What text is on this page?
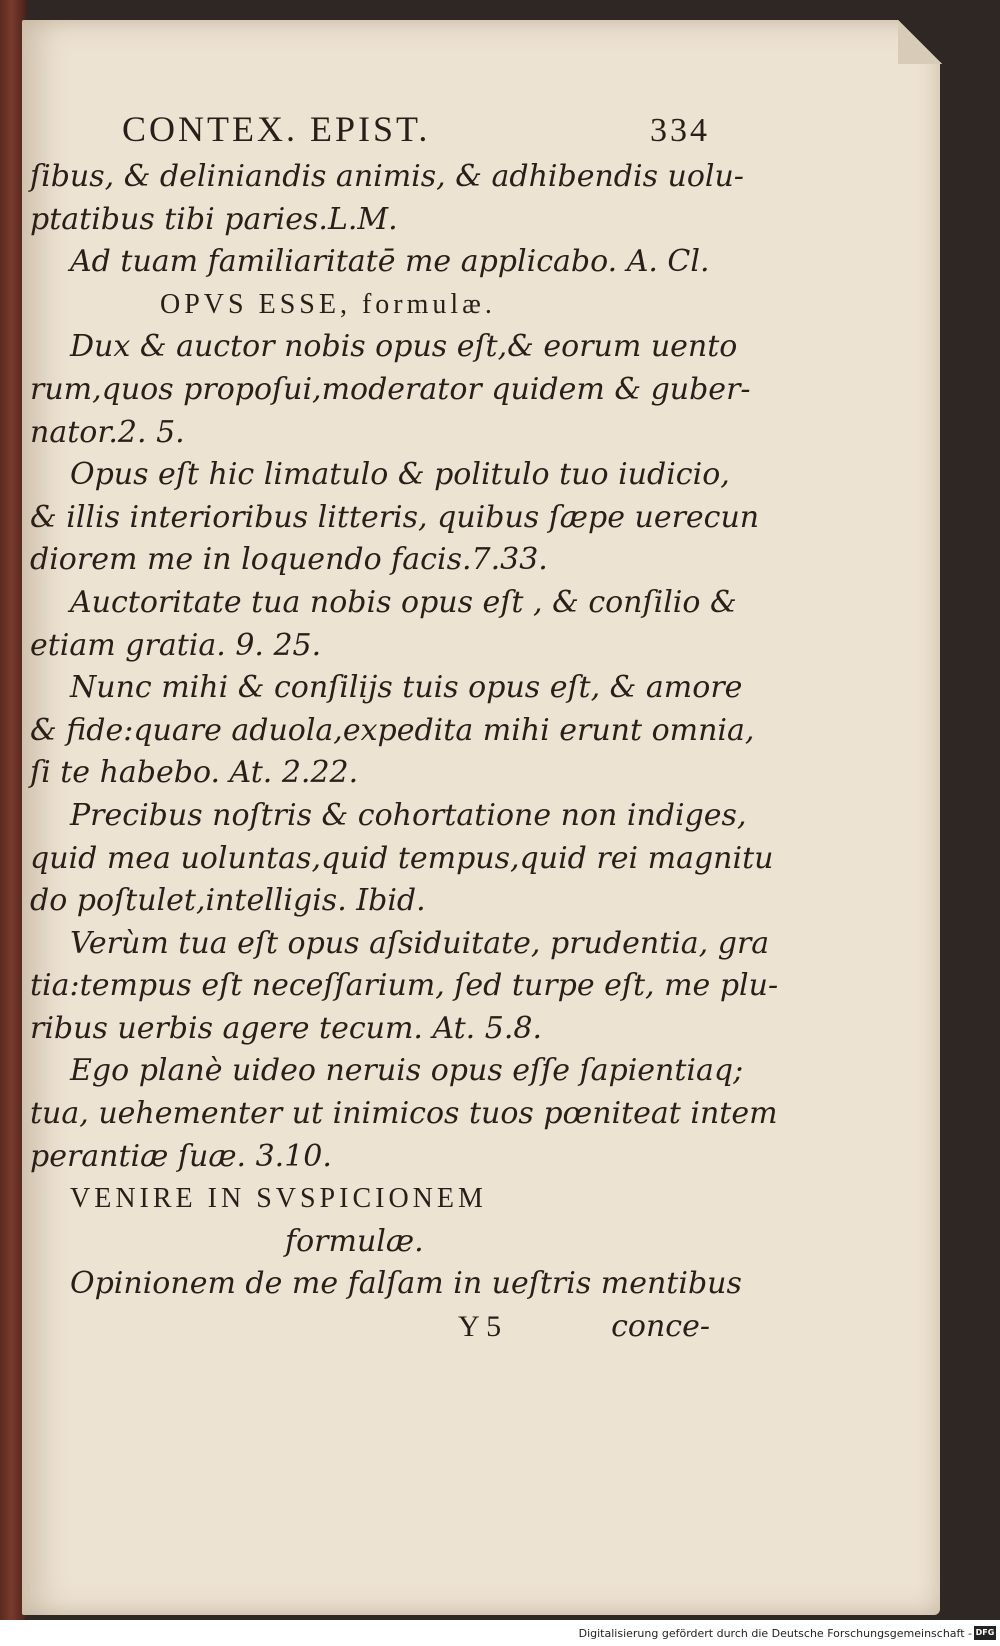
CONTEX. EPIST.	334
ſibus, & deliniandis animis, & adhibendis uolu-
ptatibus tibi paries.L.M.
Ad tuam familiaritatē me applicabo. A. Cl.
OPVS ESSE, formulæ.
Dux & auctor nobis opus eſt,& eorum uento
rum,quos propoſui,moderator quidem & guber-
nator.2. 5.
Opus eſt hic limatulo & politulo tuo iudicio,
& illis interioribus litteris, quibus ſæpe uerecun
diorem me in loquendo facis.7.33.
Auctoritate tua nobis opus eſt , & conſilio &
etiam gratia. 9. 25.
Nunc mihi & conſilijs tuis opus eſt, & amore
& fide:quare aduola,expedita mihi erunt omnia,
ſi te habebo. At. 2.22.
Precibus noſtris & cohortatione non indiges,
quid mea uoluntas,quid tempus,quid rei magnitu
do poſtulet,intelligis. Ibid.
Verùm tua eſt opus aſsiduitate, prudentia, gra
tia:tempus eſt neceſſarium, ſed turpe eſt, me plu-
ribus uerbis agere tecum. At. 5.8.
Ego planè uideo neruis opus eſſe ſapientiaq;
tua, uehementer ut inimicos tuos pœniteat intem
perantiæ ſuæ. 3.10.
VENIRE IN SVSPICIONEM
formulæ.
Opinionem de me falſam in ueſtris mentibus
Y 5	conce-
Digitalisierung gefördert durch die Deutsche Forschungsgemeinschaft - DFG
